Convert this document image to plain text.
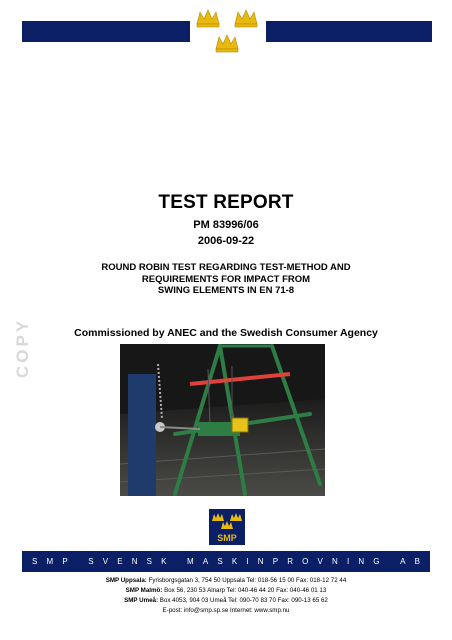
TEST REPORT
PM 83996/06
2006-09-22
ROUND ROBIN TEST REGARDING TEST-METHOD AND
REQUIREMENTS FOR IMPACT FROM
SWING ELEMENTS IN EN 71-8
Commissioned by ANEC and the Swedish Consumer Agency
COPY
SMP
S M P
	S V E N S K
	M A S K I N P R O V N I N G
	A B
SMP Uppsala: Fyrisborgsgatan 3, 754 50 Uppsala Tel: 018-56 15 00 Fax: 018-12 72 44
SMP Malmö: Box 56, 230 53 Alnarp Tel: 040-46 44 20 Fax: 040-46 01 13
SMP Umeå: Box 4053, 904 03 Umeå Tel: 090-70 83 70 Fax: 090-13 65 62
E-post: info@smp.sp.se Internet: www.smp.nu
